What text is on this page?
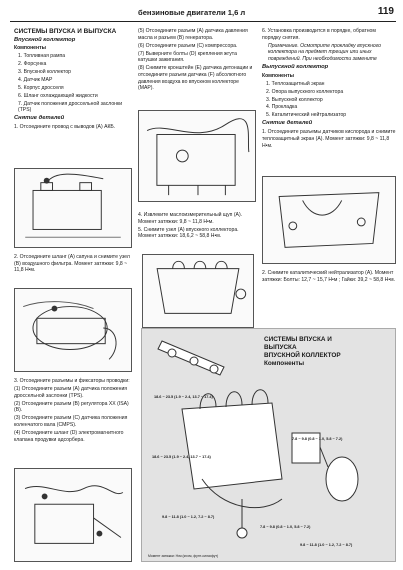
бензиновые двигатели 1,6 л	119

СИСТЕМЫ ВПУСКА И ВЫПУСКА

Впускной коллектор

Компоненты

1. Топливная рампа

2. Форсунка

3. Впускной коллектор

4. Датчик МАР

5. Корпус дросселя

6. Шланг охлаждающей жидкости

7. Датчик положения дроссельной заслонки (TPS)

Снятие деталей

1. Отсоедините провод с выводов (А) АКБ.

2. Отсоедините шланг (А) сапуна и снимите узел (В) воздушного фильтра. Момент затяжки: 9,8 ~ 11,8 Н•м.

3. Отсоедините разъемы и фиксаторы проводки:

(1) Отсоедините разъем (А) датчика положения дроссельной заслонки (TPS).

(2) Отсоедините разъем (В) регулятора ХХ (ISA) (В).

(3) Отсоедините разъем (С) датчика положения коленчатого вала (CMPS).

(4) Отсоедините шланг (D) электромагнитного клапана продувки адсорбера.

(5) Отсоедините разъем (А) датчика давления масла и разъем (В) генератора.

(6) Отсоедините разъем (С) компрессора.

(7) Выверните болты (D) крепления жгута катушки зажигания.

(8) Снимите кронштейн (Е) датчика детонации и отсоедините разъем датчика (F) абсолютного давления воздуха во впускном коллекторе (МАР).

4. Извлеките маслоизмерительный щуп (А). Момент затяжки: 9,8 ~ 11,8 Н•м.

5. Снимите узел (А) впускного коллектора. Момент затяжки: 18,6,2 ~ 58,8 Н•м.

6. Установка производится в порядке, обратном порядку снятия.

Примечание. Осмотрите прокладку впускного коллектора на предмет трещин или иных повреждений. При необходимости замените

Выпускной коллектор

Компоненты

1. Теплозащитный экран

2. Опора выпускного коллектора

3. Выпускной коллектор

4. Прокладка

5. Каталитический нейтрализатор

Снятие деталей

1. Отсоедините разъемы датчиков кислорода и снимите теплозащитный экран (А). Момент затяжки: 9,8 ~ 11,8 Н•м.

2. Снимите каталитический нейтрализатор (А). Момент затяжки: Болты: 12,7 ~ 15,7 Н•м ; Гайки: 39,2 ~ 58,8 Н•м.

18.6 ~ 23.5 (1.9 ~ 2.4, 13.7 ~ 17.4)
7.8 ~ 9.8 (0.8 ~ 1.0, 5.8 ~ 7.2)
18.6 ~ 23.5 (1.9 ~ 2.4, 13.7 ~ 17.4)
9.8 ~ 11.8 (1.0 ~ 1.2, 7.2 ~ 8.7)
7.8 ~ 9.8 (0.8 ~ 1.0, 5.8 ~ 7.2)
9.8 ~ 11.8 (1.0 ~ 1.2, 7.2 ~ 8.7)
СИСТЕМЫ ВПУСКА И
ВЫПУСКА
ВПУСКНОЙ КОЛЛЕКТОР
Компоненты
Момент затяжки: Н•м (кгс•м, фунт-сила•фут)
